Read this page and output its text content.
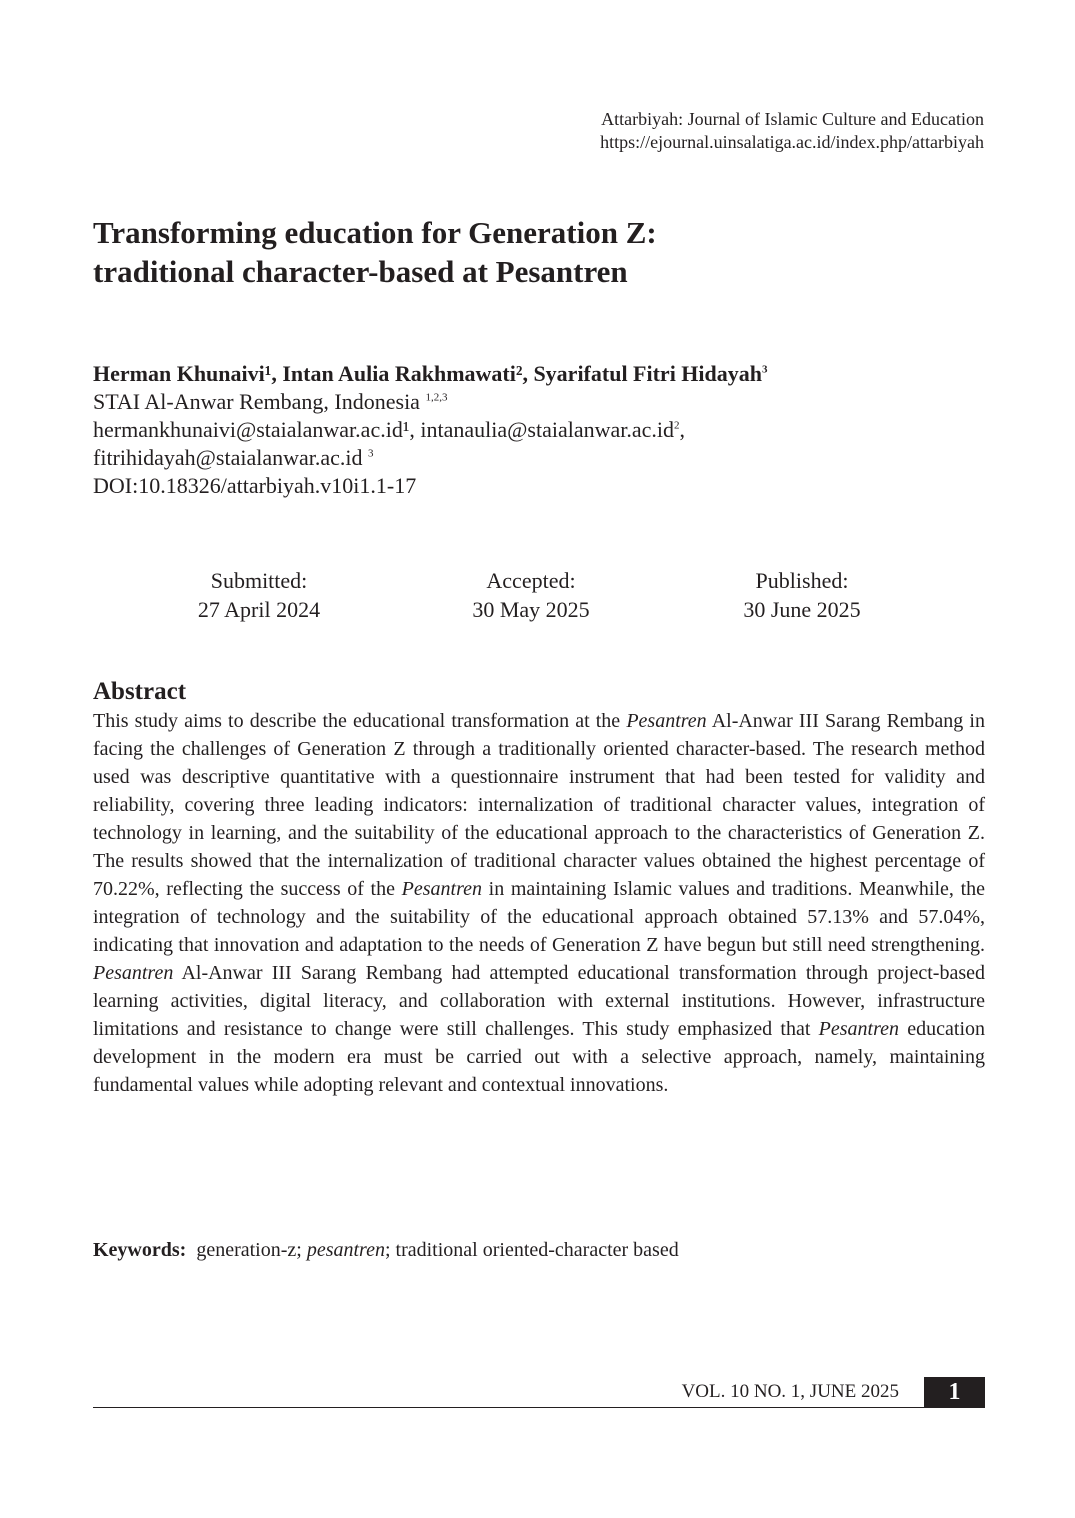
Attarbiyah: Journal of Islamic Culture and Education
https://ejournal.uinsalatiga.ac.id/index.php/attarbiyah
Transforming education for Generation Z:
traditional character-based at Pesantren
Herman Khunaivi¹, Intan Aulia Rakhmawati², Syarifatul Fitri Hidayah$^3$
STAI Al-Anwar Rembang, Indonesia $^{1,2,3}$
hermankhunaivi@staialanwar.ac.id¹, $intanaulia@staialanwar.ac.id^2$,
fitrihidayah@staialanwar.ac.id $^3$
DOI:10.18326/attarbiyah.v10i1.1-17
Submitted:
27 April 2024
Accepted:
30 May 2025
Published:
30 June 2025
Abstract

This study aims to describe the educational transformation at the Pesantren Al-Anwar III Sarang Rembang in facing the challenges of Generation Z through a traditionally oriented character-based. The research method used was descriptive quantitative with a questionnaire instrument that had been tested for validity and reliability, covering three leading indicators: internalization of traditional character values, integration of technology in learning, and the suitability of the educational approach to the characteristics of Generation Z. The results showed that the internalization of traditional character values obtained the highest percentage of 70.22%, reflecting the success of the Pesantren in maintaining Islamic values and traditions. Meanwhile, the integration of technology and the suitability of the educational approach obtained 57.13% and 57.04%, indicating that innovation and adaptation to the needs of Generation Z have begun but still need strengthening. Pesantren Al-Anwar III Sarang Rembang had attempted educational transformation through project-based learning activities, digital literacy, and collaboration with external institutions. However, infrastructure limitations and resistance to change were still challenges. This study emphasized that Pesantren education development in the modern era must be carried out with a selective approach, namely, maintaining fundamental values while adopting relevant and contextual innovations.

Keywords: generation-z; pesantren; traditional oriented-character based
VOL. 10 NO. 1, JUNE 2025	1
